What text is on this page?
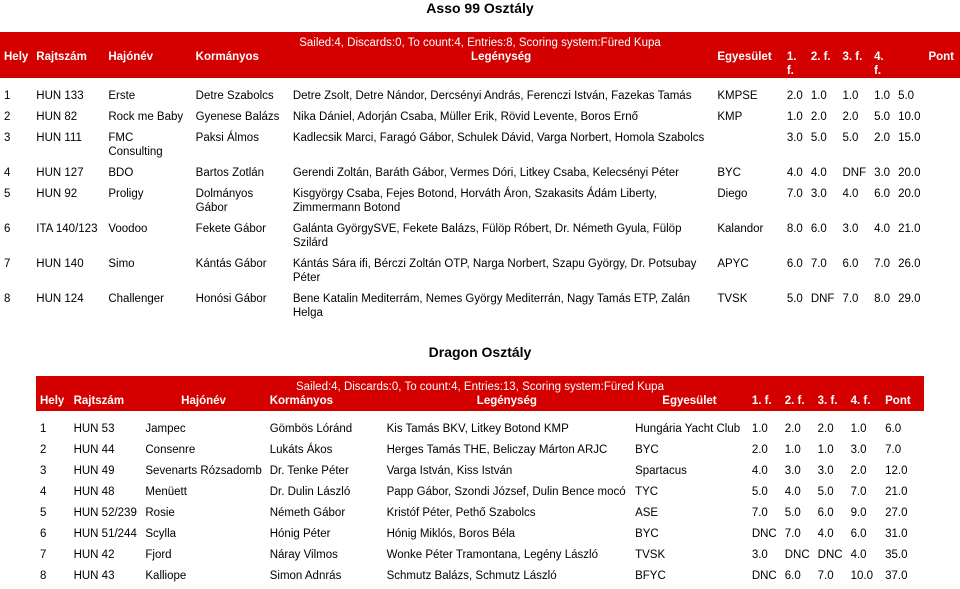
Asso 99 Osztály
Sailed:4, Discards:0, To count:4, Entries:8, Scoring system:Füred Kupa										
Hely	Rajtszám	Hajónév	Kormányos	Legénység	Egyesület	1. f.	2. f.	3. f.	4. f.	Pont

1	HUN 133	Erste	Detre Szabolcs	Detre Zsolt, Detre Nándor, Dercsényi András, Ferenczi István, Fazekas Tamás	KMPSE	2.0	1.0	1.0	1.0	5.0
2	HUN 82	Rock me Baby	Gyenese Balázs	Nika Dániel, Adorján Csaba, Müller Erik, Rövid Levente, Boros Ernő	KMP	1.0	2.0	2.0	5.0	10.0
3	HUN 111	FMC Consulting	Paksi Álmos	Kadlecsik Marci, Faragó Gábor, Schulek Dávid, Varga Norbert, Homola Szabolcs		3.0	5.0	5.0	2.0	15.0
4	HUN 127	BDO	Bartos Zotlán	Gerendi Zoltán, Baráth Gábor, Vermes Dóri, Litkey Csaba, Kelecsényi Péter	BYC	4.0	4.0	DNF	3.0	20.0
5	HUN 92	Proligy	Dolmányos Gábor	Kisgyörgy Csaba, Fejes Botond, Horváth Áron, Szakasits Ádám Liberty, Zimmermann Botond	Diego	7.0	3.0	4.0	6.0	20.0
6	ITA 140/123	Voodoo	Fekete Gábor	Galánta GyörgySVE, Fekete Balázs, Fülöp Róbert, Dr. Németh Gyula, Fülöp Szilárd	Kalandor	8.0	6.0	3.0	4.0	21.0
7	HUN 140	Simo	Kántás Gábor	Kántás Sára ifi, Bérczi Zoltán OTP, Narga Norbert, Szapu György, Dr. Potsubay Péter	APYC	6.0	7.0	6.0	7.0	26.0
8	HUN 124	Challenger	Honósi Gábor	Bene Katalin Mediterrám, Nemes György Mediterrán, Nagy Tamás ETP, Zalán Helga	TVSK	5.0	DNF	7.0	8.0	29.0
Dragon Osztály
Sailed:4, Discards:0, To count:4, Entries:13, Scoring system:Füred Kupa										
Hely	Rajtszám	Hajónév	Kormányos	Legénység	Egyesület	1. f.	2. f.	3. f.	4. f.	Pont

1	HUN 53	Jampec	Gömbös Lóránd	Kis Tamás BKV, Litkey Botond KMP	Hungária Yacht Club	1.0	2.0	2.0	1.0	6.0
2	HUN 44	Consenre	Lukáts Ákos	Herges Tamás THE, Beliczay Márton ARJC	BYC	2.0	1.0	1.0	3.0	7.0
3	HUN 49	Sevenarts Rózsadomb	Dr. Tenke Péter	Varga István, Kiss István	Spartacus	4.0	3.0	3.0	2.0	12.0
4	HUN 48	Menüett	Dr. Dulin László	Papp Gábor, Szondi József, Dulin Bence mocó	TYC	5.0	4.0	5.0	7.0	21.0
5	HUN 52/239	Rosie	Németh Gábor	Kristóf Péter, Pethő Szabolcs	ASE	7.0	5.0	6.0	9.0	27.0
6	HUN 51/244	Scylla	Hónig Péter	Hónig Miklós, Boros Béla	BYC	DNC	7.0	4.0	6.0	31.0
7	HUN 42	Fjord	Náray Vilmos	Wonke Péter Tramontana, Legény László	TVSK	3.0	DNC	DNC	4.0	35.0
8	HUN 43	Kalliope	Simon Adnrás	Schmutz Balázs, Schmutz László	BFYC	DNC	6.0	7.0	10.0	37.0
